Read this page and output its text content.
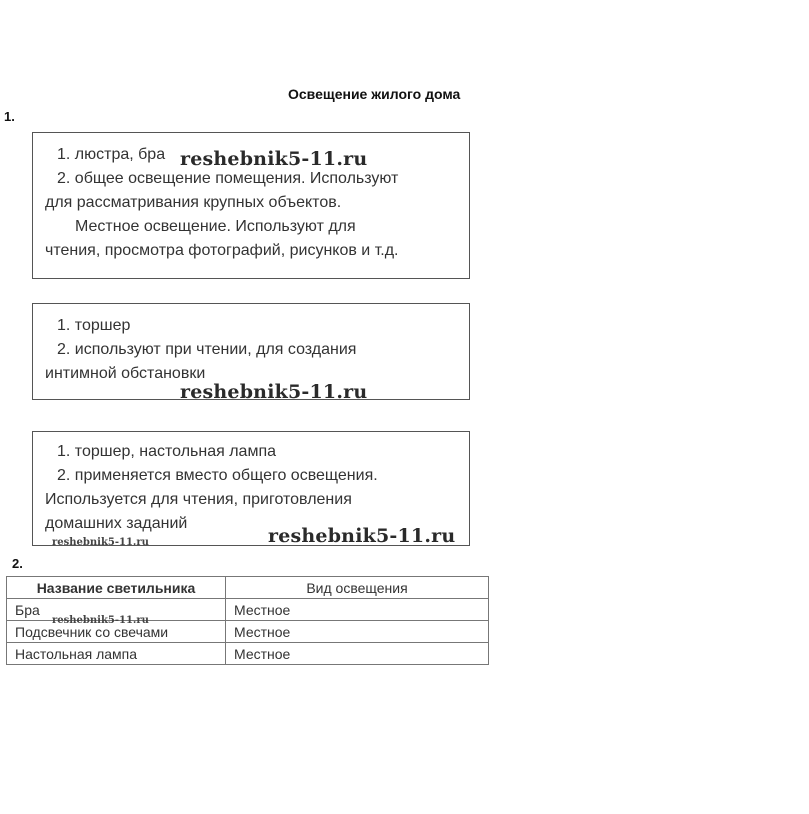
Освещение жилого дома
1.

1. люстра, бра

2. общее освещение помещения. Используют

для рассматривания крупных объектов.

Местное освещение. Используют для

чтения, просмотра фотографий, рисунков и т.д.

1. торшер

2. используют при чтении, для создания

интимной обстановки

1. торшер, настольная лампа

2. применяется вместо общего освещения.

Используется для чтения, приготовления

домашних заданий

2.
Название светильника	Вид освещения
Бра	Местное
Подсвечник со свечами	Местное
Настольная лампа	Местное
reshebnik5-11.ru
reshebnik5-11.ru
reshebnik5-11.ru
reshebnik5-11.ru
reshebnik5-11.ru
